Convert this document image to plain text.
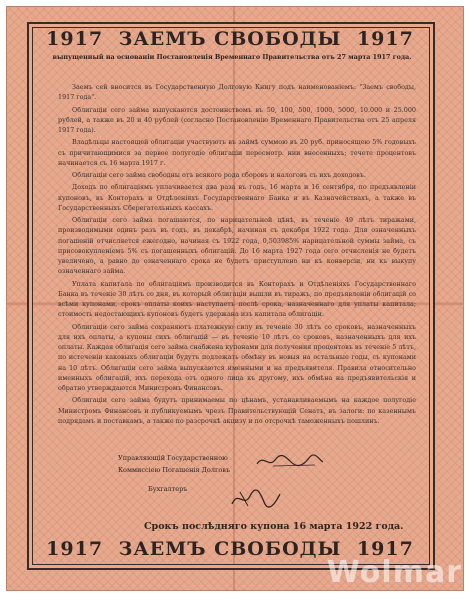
1917 ЗАЕМЪ СВОБОДЫ 1917
выпущенный на основаніи Постановленія Временнаго Правительства отъ 27 марта 1917 года.

Заемъ сей вносится въ Государственную Долговую Книгу подъ наименованіемъ: "Заемъ свободы, 1917 года".

Облигаціи сего займа выпускаются достоинствомъ въ 50, 100, 500, 1000, 5000, 10.000 и 25.000 рублей, а также въ 20 и 40 рублей (согласно Постановленію Временнаго Правительства отъ 25 апреля 1917 года).

Владѣльцы настоящей облигаціи участвуютъ въ займѣ суммою въ 20 руб. приносящею 5% годовыхъ съ причитающимися за первое полугодіе облигаціи пересмотр. нии внесенныхъ; течете процентовъ начинается съ 16 марта 1917 г.

Облигаціи сего займа свободны отъ всякого рода сборовъ и налоговъ съ ихъ доходовъ.

Доходъ по облигаціямъ уплачивается два раза въ годъ, 16 марта и 16 сентября, по предъявленіи купоновъ, въ Конторахъ и Отдѣленіяхъ Государственнаго Банка и въ Казначействахъ, а также въ Государственныхъ Сберегательныхъ кассахъ.

Облигаціи сего займа погашаются, по нарицательной цѣнѣ, въ теченіе 49 лѣтъ тиражами, производимыми одинъ разъ въ годъ, въ декабрѣ, начиная съ декабря 1922 года. Для означенныхъ погашеній отчисляется ежегодно, начиная съ 1922 года, 0,503985% нарицательной суммы займа, съ присовокупленіемъ 5% съ погашенныхъ облигацій. До 16 марта 1927 года сего отчисленія не будетъ увеличено, а равно до означеннаго срока не будетъ приступлено ни къ конверсіи, ни къ выкупу означеннаго займа.

Уплата капитала по облигаціямъ производится въ Конторахъ и Отдѣленіяхъ Государственнаго Банка въ теченіе 30 лѣтъ со дня, въ который облигаціи вышли въ тиражъ, по предъявленіи облигацій со всѣми купонами, срокъ оплаты коихъ наступаетъ послѣ срока, назначеннаго для уплаты капитала; стоимость недостающихъ купоновъ будетъ удержана изъ капитала облигаціи.

Облигаціи сего займа сохраняютъ платежную силу въ теченіе 30 лѣтъ со сроковъ, назначенныхъ для ихъ оплаты, а купоны сихъ облигацій — въ теченіе 10 лѣтъ со сроковъ, назначенныхъ для ихъ оплаты. Каждая облигація сего займа снабжена купонами для получения процентовъ въ теченіе 5 лѣтъ, по истеченіи каковыхъ облигаціи будутъ подлежать обмѣну въ новыя на остальные годы, съ купонами на 10 лѣтъ. Облигаціи сего займа выпускаются именными и на предъявителя. Правила относительно именныхъ облигацій, ихъ перехода отъ одного лица къ другому, ихъ обмѣна на предъявительскія и обратно утверждаются Министромъ Финансовъ.

Облигаціи сего займа будутъ принимаемы по цѣнамъ, устанавливаемымъ на каждое полугодіе Министромъ Финансовъ и публикуемымъ чрезъ Правительствующій Сенатъ, въ залоги: по казеннымъ подрядамъ и поставкамъ, а также по разсрочкѣ акцизу и по отсрочкѣ таможенныхъ пошлинъ.

Управляющій Государственною
Коммиссіею Погашенія Долговъ
Бухгалтеръ
Срокъ послѣдняго купона 16 марта 1922 года.
1917 ЗАЕМЪ СВОБОДЫ 1917
Wolmar
